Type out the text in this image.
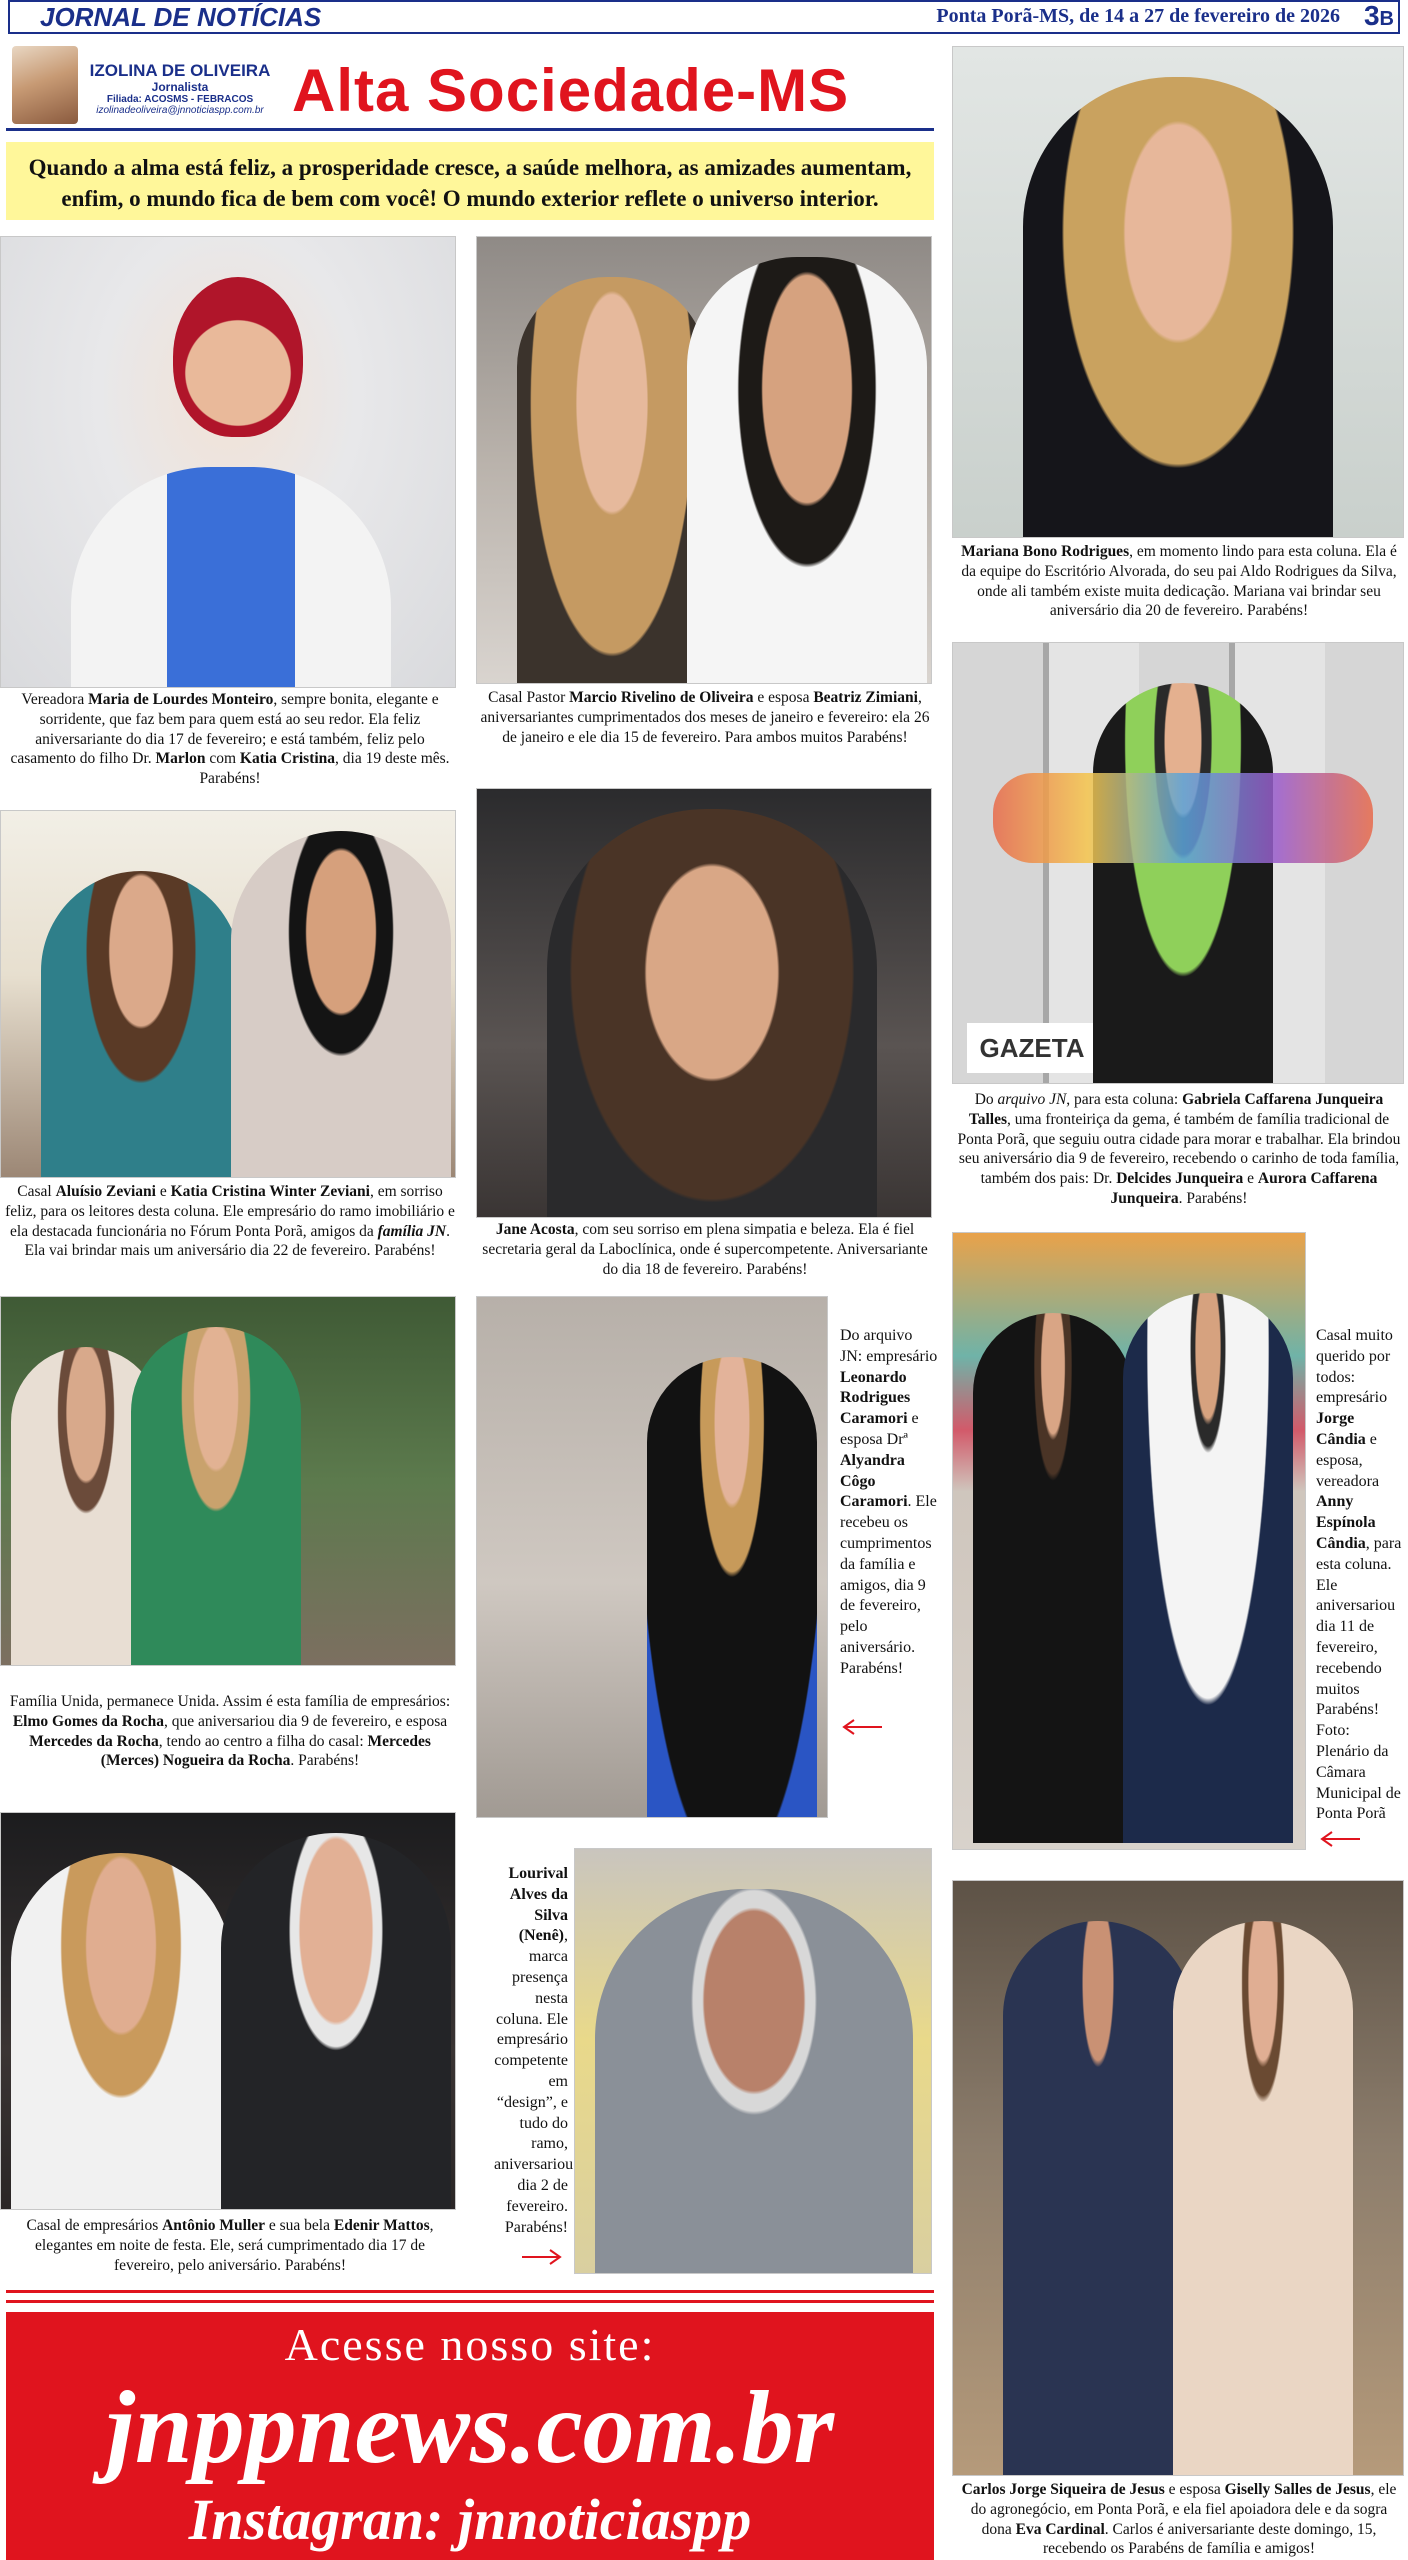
JORNAL DE NOTÍCIAS	Ponta Porã-MS, de 14 a 27 de fevereiro de 2026 3B
IZOLINA DE OLIVEIRA
Jornalista
Filiada: ACOSMS - FEBRACOS
izolinadeoliveira@jnnoticiaspp.com.br Alta Sociedade-MS
Quando a alma está feliz, a prosperidade cresce, a saúde melhora, as amizades aumentam, enfim, o mundo fica de bem com você! O mundo exterior reflete o universo interior.
Vereadora Maria de Lourdes Monteiro, sempre bonita, elegante e sorridente, que faz bem para quem está ao seu redor. Ela feliz aniversariante do dia 17 de fevereiro; e está também, feliz pelo casamento do filho Dr. Marlon com Katia Cristina, dia 19 deste mês. Parabéns!
Casal Pastor Marcio Rivelino de Oliveira e esposa Beatriz Zimiani, aniversariantes cumprimentados dos meses de janeiro e fevereiro: ela 26 de janeiro e ele dia 15 de fevereiro. Para ambos muitos Parabéns!
Mariana Bono Rodrigues, em momento lindo para esta coluna. Ela é da equipe do Escritório Alvorada, do seu pai Aldo Rodrigues da Silva, onde ali também existe muita dedicação. Mariana vai brindar seu aniversário dia 20 de fevereiro. Parabéns!
Casal Aluísio Zeviani e Katia Cristina Winter Zeviani, em sorriso feliz, para os leitores desta coluna. Ele empresário do ramo imobiliário e ela destacada funcionária no Fórum Ponta Porã, amigos da família JN. Ela vai brindar mais um aniversário dia 22 de fevereiro. Parabéns!
Jane Acosta, com seu sorriso em plena simpatia e beleza. Ela é fiel secretaria geral da Laboclínica, onde é supercompetente. Aniversariante do dia 18 de fevereiro. Parabéns!
GAZETA
Do arquivo JN, para esta coluna: Gabriela Caffarena Junqueira Talles, uma fronteiriça da gema, é também de família tradicional de Ponta Porã, que seguiu outra cidade para morar e trabalhar. Ela brindou seu aniversário dia 9 de fevereiro, recebendo o carinho de toda família, também dos pais: Dr. Delcides Junqueira e Aurora Caffarena Junqueira. Parabéns!
Família Unida, permanece Unida. Assim é esta família de empresários: Elmo Gomes da Rocha, que aniversariou dia 9 de fevereiro, e esposa Mercedes da Rocha, tendo ao centro a filha do casal: Mercedes (Merces) Nogueira da Rocha. Parabéns!
Do arquivo JN: empresário Leonardo Rodrigues Caramori e esposa Drª Alyandra Côgo Caramori. Ele recebeu os cumprimentos da família e amigos, dia 9 de fevereiro, pelo aniversário. Parabéns!
Casal muito querido por todos: empresário Jorge Cândia e esposa, vereadora Anny Espínola Cândia, para esta coluna. Ele aniversariou dia 11 de fevereiro, recebendo muitos Parabéns! Foto: Plenário da Câmara Municipal de Ponta Porã
Casal de empresários Antônio Muller e sua bela Edenir Mattos, elegantes em noite de festa. Ele, será cumprimentado dia 17 de fevereiro, pelo aniversário. Parabéns!
Lourival Alves da Silva (Nenê), marca presença nesta coluna. Ele empresário competente em “design”, e tudo do ramo, aniversariou dia 2 de fevereiro. Parabéns!
Carlos Jorge Siqueira de Jesus e esposa Giselly Salles de Jesus, ele do agronegócio, em Ponta Porã, e ela fiel apoiadora dele e da sogra dona Eva Cardinal. Carlos é aniversariante deste domingo, 15, recebendo os Parabéns de família e amigos!
Acesse nosso site:
jnppnews.com.br
Instagran: jnnoticiaspp
